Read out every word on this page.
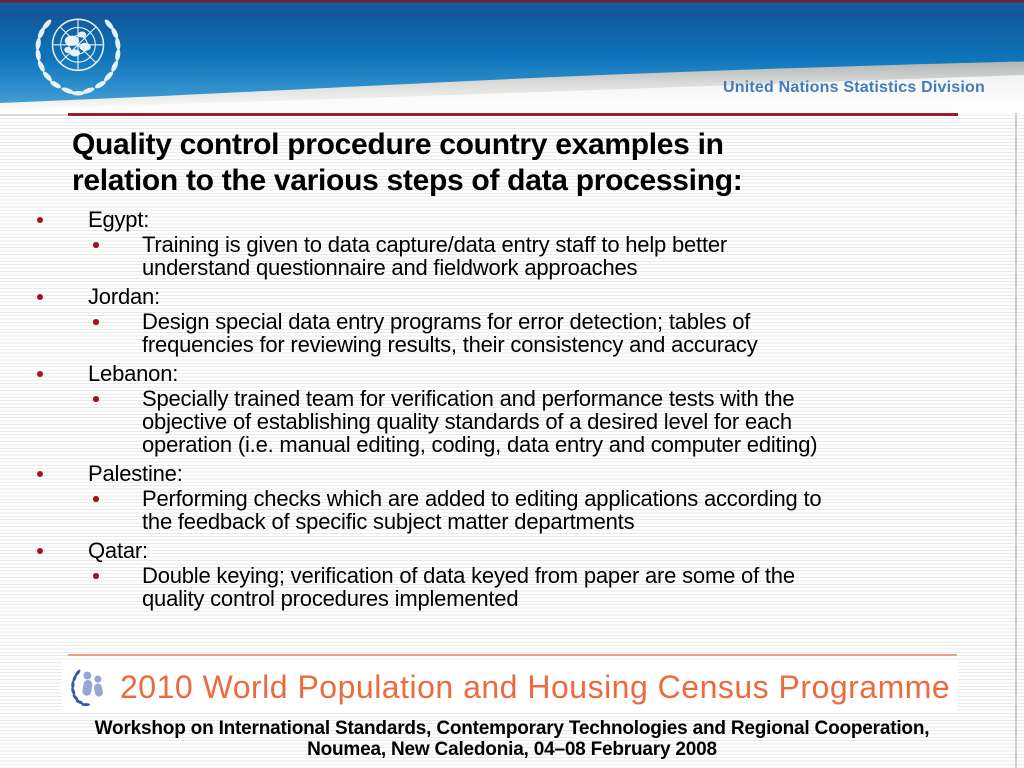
United Nations Statistics Division
Quality control procedure country examples in
relation to the various steps of data processing:
Egypt:
Training is given to data capture/data entry staff to help better
understand questionnaire and fieldwork approaches
Jordan:
Design special data entry programs for error detection; tables of
frequencies for reviewing results, their consistency and accuracy
Lebanon:
Specially trained team for verification and performance tests with the
objective of establishing quality standards of a desired level for each
operation (i.e. manual editing, coding, data entry and computer editing)
Palestine:
Performing checks which are added to editing applications according to
the feedback of specific subject matter departments
Qatar:
Double keying; verification of data keyed from paper are some of the
quality control procedures implemented
2010 World Population and Housing Census Programme
Workshop on International Standards, Contemporary Technologies and Regional Cooperation,
Noumea, New Caledonia, 04–08 February 2008
